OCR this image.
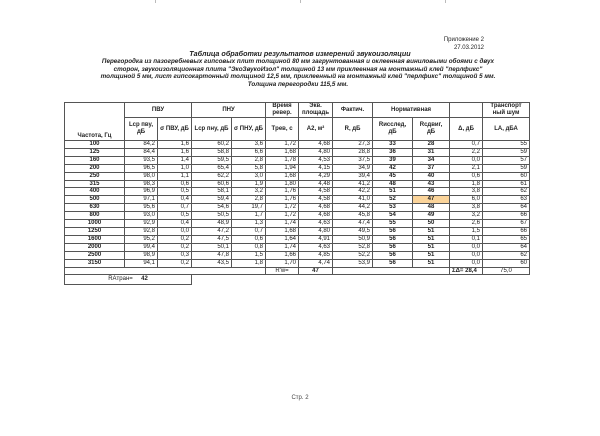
Приложение 2
27.03.2012
Таблица обработки результатов измерений звукоизоляции
Перегородка из пазогребневых гипсовых плит толщиной 80 мм загрунтованная и оклеенная виниловыми обоями с двух
сторон, звукоизоляционная плита "ЭкоЗвукоИзол" толщиной 13 мм приклеенная на монтажный клей "перлфикс"
толщиной 5 мм, лист гипсокартонный толщиной 12,5 мм, приклеенный на монтажный клей "перлфикс" толщиной 5 мм.
Толщина перегородки 115,5 мм.
Частота, Гц	ПВУ		ПНУ		Время ревер.	Экв. площадь	Фактич.	Нормативная			Транспорт ный шум
	Lср пву, дБ	σ ПВУ, дБ	Lср пну, дБ	σ ПНУ, дБ	Tрев, с	A2, м²	R, дБ	Rисслед, дБ	Rсдвиг, дБ	Δ, дБ	LA, дБА
100	84,2	1,6	60,2	3,6	1,72	4,68	27,3	33	28	0,7	55
125	84,4	1,6	58,8	6,6	1,68	4,80	28,8	36	31	2,2	59
160	93,5	1,4	59,5	2,8	1,78	4,53	37,5	39	34	0,0	57
200	96,5	1,0	65,4	5,8	1,94	4,15	34,9	42	37	2,1	59
250	98,0	1,1	62,2	3,0	1,68	4,29	39,4	45	40	0,6	60
315	98,3	0,6	60,6	1,9	1,80	4,48	41,2	48	43	1,8	61
400	96,9	0,5	58,1	3,2	1,76	4,58	42,2	51	46	3,8	62
500	97,1	0,4	59,4	2,8	1,76	4,58	41,0	52	47	6,0	63
630	95,6	0,7	54,6	19,7	1,72	4,68	44,2	53	48	3,8	64
800	93,0	0,5	50,5	1,7	1,72	4,68	45,8	54	49	3,2	66
1000	92,9	0,4	48,9	1,3	1,74	4,63	47,4	55	50	2,6	67
1250	92,8	0,0	47,2	0,7	1,68	4,80	49,5	56	51	1,5	66
1600	95,2	0,2	47,5	0,6	1,64	4,91	50,9	56	51	0,1	65
2000	99,4	0,2	50,1	0,8	1,74	4,63	52,8	56	51	0,0	64
2500	98,9	0,3	47,8	1,5	1,66	4,85	52,2	56	51	0,0	62
3150	94,1	0,2	43,5	1,8	1,70	4,74	53,9	56	51	0,0	60
					R'w=	47				ΣΔ= 28,4	75,0
RAтран= 42											
Стр. 2
